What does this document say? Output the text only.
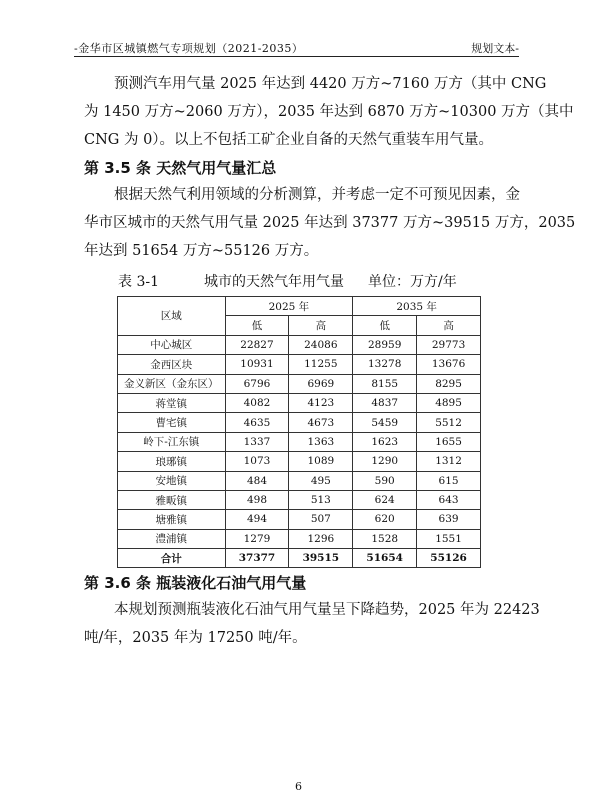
-金华市区城镇燃气专项规划（2021-2035）	规划文本-

预测汽车用气量 2025 年达到 4420 万方~7160 万方（其中 CNG

为 1450 万方~2060 万方），2035 年达到 6870 万方~10300 万方（其中

CNG 为 0）。以上不包括工矿企业自备的天然气重装车用气量。

第 3.5 条 天然气用气量汇总

根据天然气利用领域的分析测算，并考虑一定不可预见因素，金

华市区城市的天然气用气量 2025 年达到 37377 万方~39515 万方，2035

年达到 51654 万方~55126 万方。

表 3-1	城市的天然气年用气量 单位：万方/年
区域	2025 年		2035 年	
	低	高	低	高
中心城区	22827	24086	28959	29773
金西区块	10931	11255	13278	13676
金义新区（金东区）	6796	6969	8155	8295
蒋堂镇	4082	4123	4837	4895
曹宅镇	4635	4673	5459	5512
岭下-江东镇	1337	1363	1623	1655
琅琊镇	1073	1089	1290	1312
安地镇	484	495	590	615
雅畈镇	498	513	624	643
塘雅镇	494	507	620	639
澧浦镇	1279	1296	1528	1551
合计	37377	39515	51654	55126
第 3.6 条 瓶装液化石油气用气量

本规划预测瓶装液化石油气用气量呈下降趋势，2025 年为 22423

吨/年，2035 年为 17250 吨/年。

6
